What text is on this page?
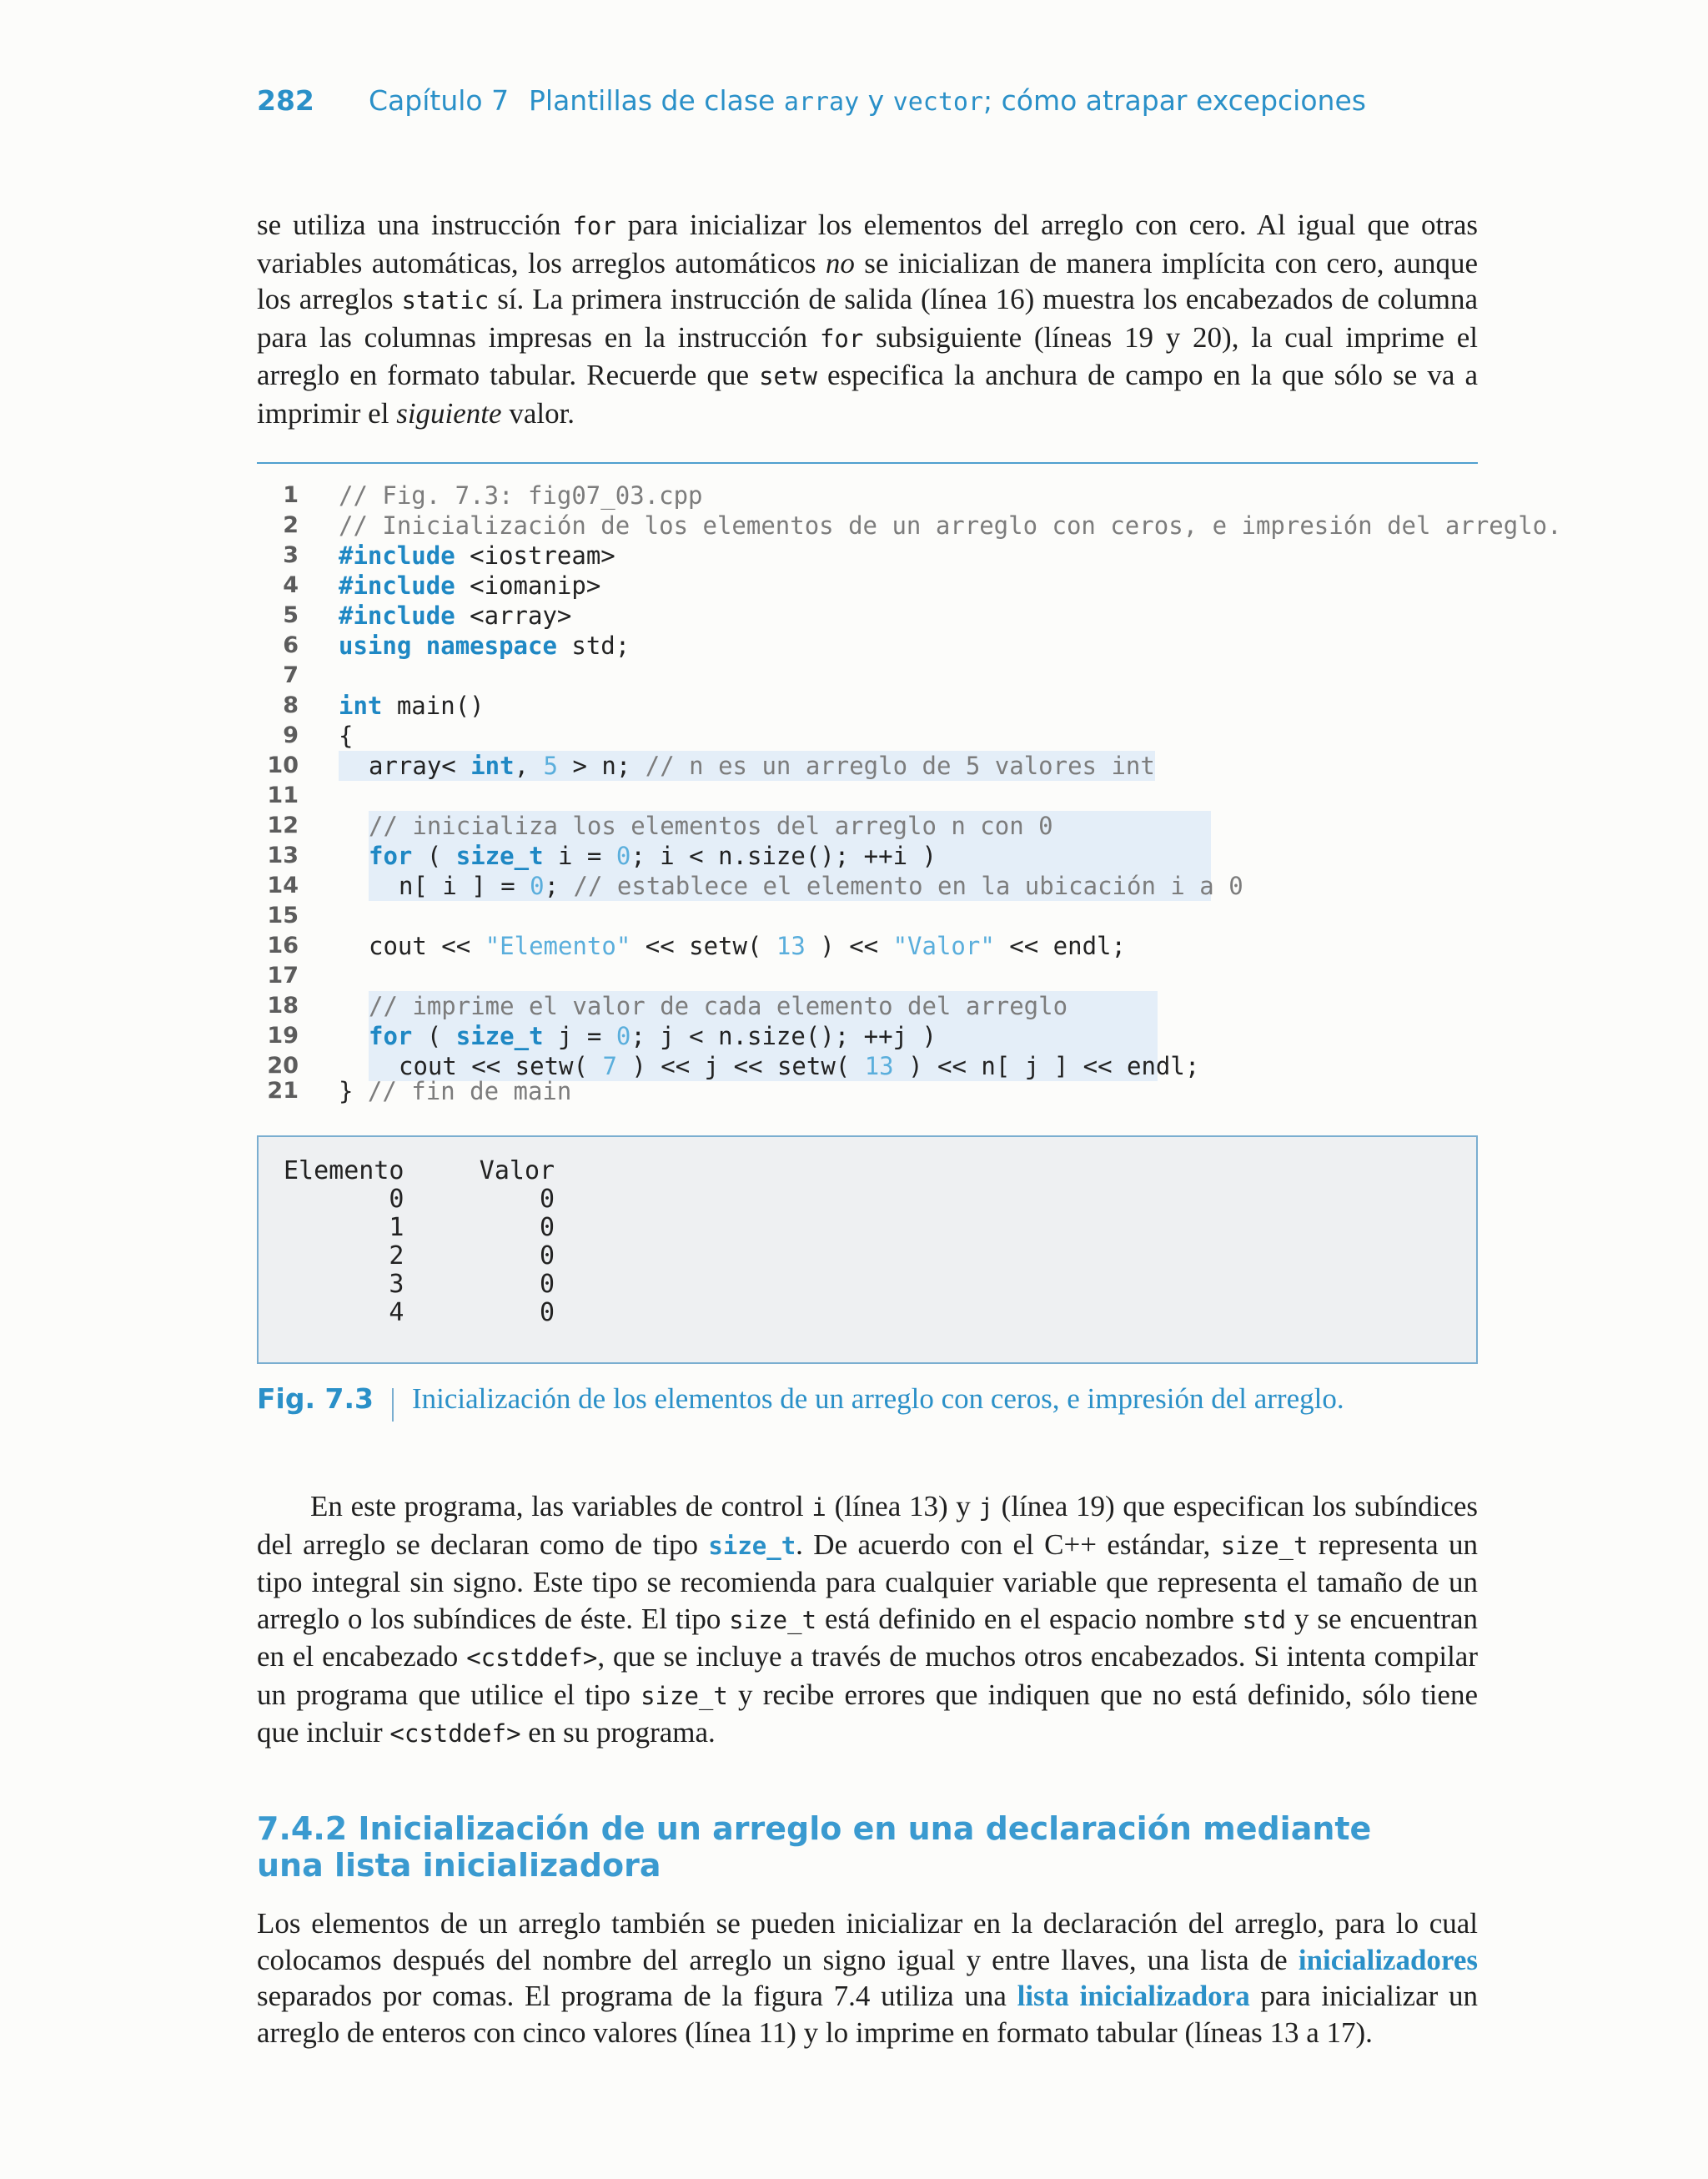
282 Capítulo 7 Plantillas de clase array y vector; cómo atrapar excepciones

se utiliza una instrucción for para inicializar los elementos del arreglo con cero. Al igual que otras variables automáticas, los arreglos automáticos no se inicializan de manera implícita con cero, aunque los arreglos static sí. La primera instrucción de salida (línea 16) muestra los encabezados de columna para las columnas impresas en la instrucción for subsiguiente (líneas 19 y 20), la cual imprime el arreglo en formato tabular. Recuerde que setw especifica la anchura de campo en la que sólo se va a imprimir el siguiente valor.

1 // Fig. 7.3: fig07_03.cpp
2 // Inicialización de los elementos de un arreglo con ceros, e impresión del arreglo.
3 #include <iostream>
4 #include <iomanip>
5 #include <array>
6 using namespace std;
7
8 int main()
9 {
10	array< int, 5 > n; // n es un arreglo de 5 valores int
11
12	// inicializa los elementos del arreglo n con 0
13	for ( size_t i = 0; i < n.size(); ++i )
14	n[ i ] = 0; // establece el elemento en la ubicación i a 0
15
16	cout << "Elemento" << setw( 13 ) << "Valor" << endl;
17
18	// imprime el valor de cada elemento del arreglo
19	for ( size_t j = 0; j < n.size(); ++j )
20	cout << setw( 7 ) << j << setw( 13 ) << n[ j ] << endl;
21 } // fin de main
Elemento     Valor
0         0
1         0
2         0
3         0
4         0
Fig. 7.3 Inicialización de los elementos de un arreglo con ceros, e impresión del arreglo.

En este programa, las variables de control i (línea 13) y j (línea 19) que especifican los subíndices del arreglo se declaran como de tipo size_t. De acuerdo con el C++ estándar, size_t representa un tipo integral sin signo. Este tipo se recomienda para cualquier variable que representa el tamaño de un arreglo o los subíndices de éste. El tipo size_t está definido en el espacio nombre std y se encuentran en el encabezado <cstddef>, que se incluye a través de muchos otros encabezados. Si intenta compilar un programa que utilice el tipo size_t y recibe errores que indiquen que no está definido, sólo tiene que incluir <cstddef> en su programa.

7.4.2 Inicialización de un arreglo en una declaración mediante
una lista inicializadora

Los elementos de un arreglo también se pueden inicializar en la declaración del arreglo, para lo cual colocamos después del nombre del arreglo un signo igual y entre llaves, una lista de inicializadores separados por comas. El programa de la figura 7.4 utiliza una lista inicializadora para inicializar un arreglo de enteros con cinco valores (línea 11) y lo imprime en formato tabular (líneas 13 a 17).
